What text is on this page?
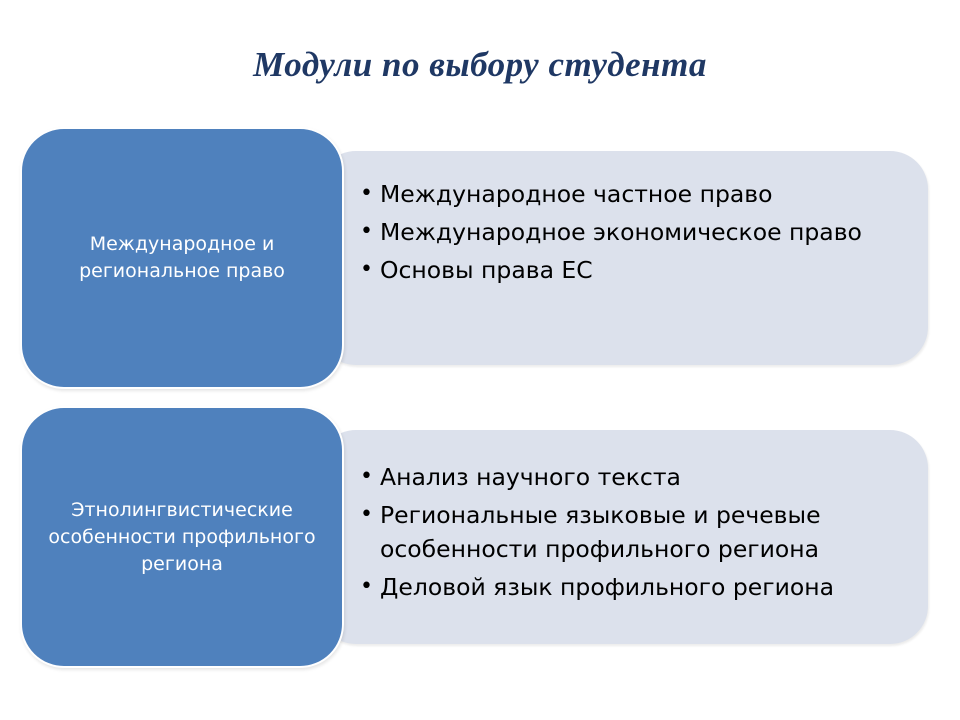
Модули по выбору студента
• Международное частное право
• Международное экономическое право
• Основы права ЕС
Международное и региональное право
• Анализ научного текста
• Региональные языковые и речевые особенности профильного региона
• Деловой язык профильного региона
Этнолингвистические особенности профильного региона
